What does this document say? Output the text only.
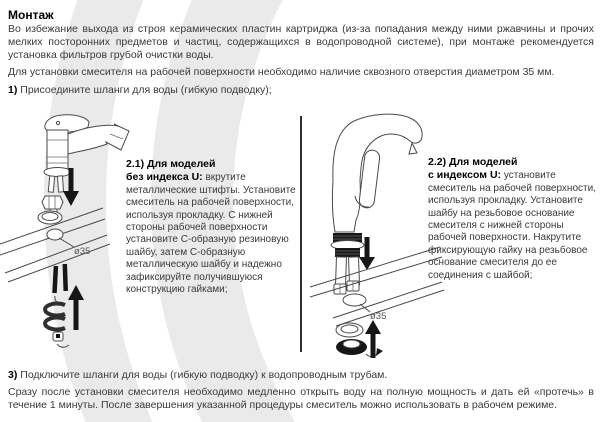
Монтаж

Во избежание выхода из строя керамических пластин картриджа (из-за попадания между ними ржавчины и прочих мелких посторонних предметов и частиц, содержащихся в водопроводной системе), при монтаже рекомендуется установка фильтров грубой очистки воды.

Для установки смесителя на рабочей поверхности необходимо наличие сквозного отверстия диаметром 35 мм.

1) Присоедините шланги для воды (гибкую подводку);

ø35
2.1) Для моделей
без индекса U: вкрутите металлические штифты. Установите смеситель на рабочей поверхности, используя прокладку. С нижней стороны рабочей поверхности установите С-образную резиновую шайбу, затем С-образную металлическую шайбу и надежно зафиксируйте получившуюся конструкцию гайками;
ø35
2.2) Для моделей
с индексом U: установите смеситель на рабочей поверхности, используя прокладку. Установите шайбу на резьбовое основание смесителя с нижней стороны рабочей поверхности. Накрутите фиксирующую гайку на резьбовое основание смесителя до ее соединения с шайбой;

3) Подключите шланги для воды (гибкую подводку) к водопроводным трубам.

Сразу после установки смесителя необходимо медленно открыть воду на полную мощность и дать ей «протечь» в течение 1 минуты. После завершения указанной процедуры смеситель можно использовать в рабочем режиме.
